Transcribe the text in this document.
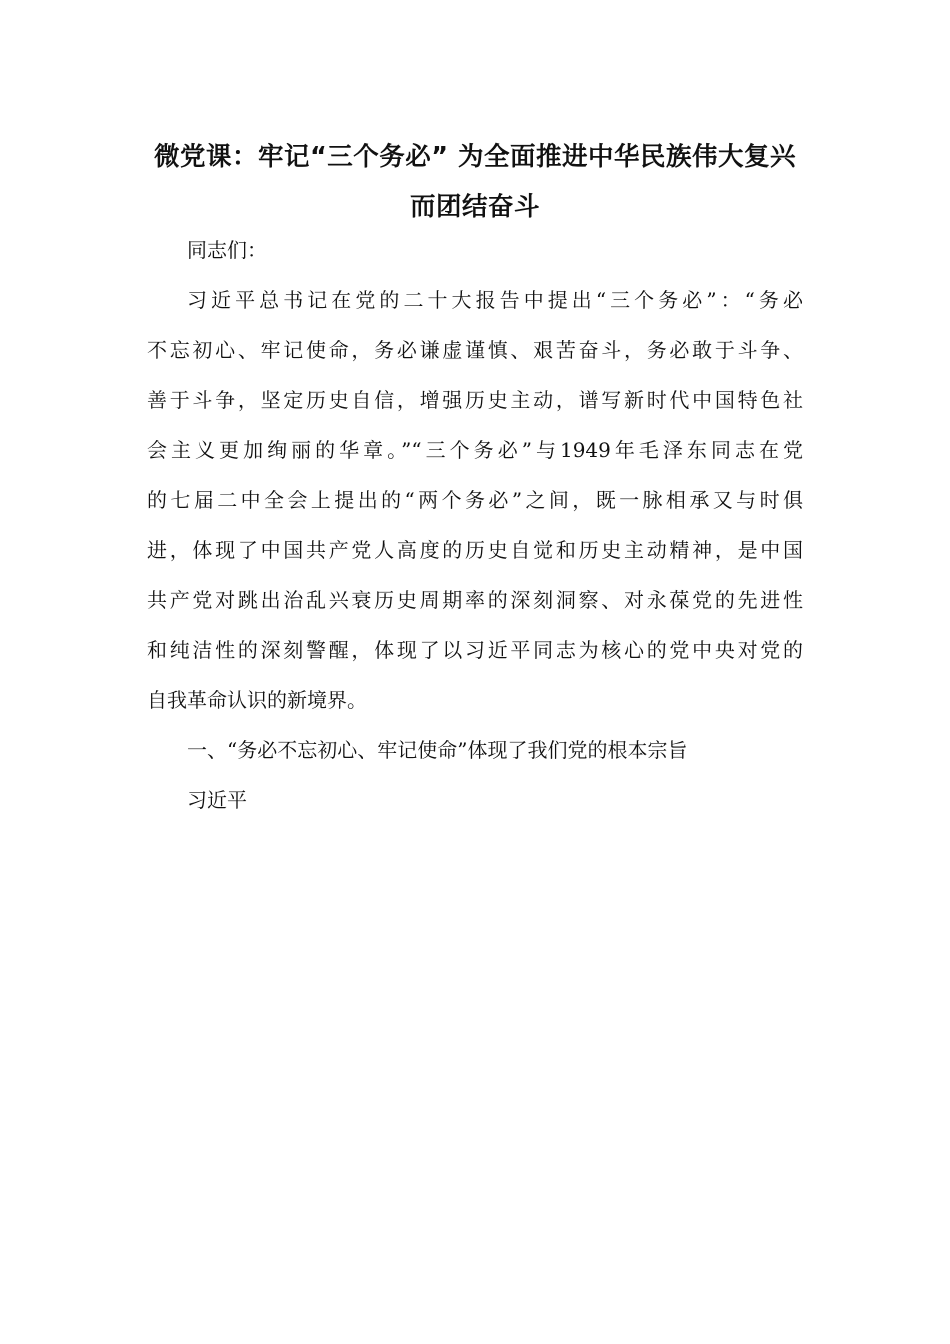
微党课：牢记“三个务必” 为全面推进中华民族伟大复兴
而团结奋斗

同志们：

习近平总书记在党的二十大报告中提出“三个务必”：“务必
不忘初心、牢记使命，务必谦虚谨慎、艰苦奋斗，务必敢于斗争、
善于斗争，坚定历史自信，增强历史主动，谱写新时代中国特色社
会主义更加绚丽的华章。”“三个务必”与1949年毛泽东同志在党
的七届二中全会上提出的“两个务必”之间，既一脉相承又与时俱
进，体现了中国共产党人高度的历史自觉和历史主动精神，是中国
共产党对跳出治乱兴衰历史周期率的深刻洞察、对永葆党的先进性
和纯洁性的深刻警醒，体现了以习近平同志为核心的党中央对党的
自我革命认识的新境界。

一、“务必不忘初心、牢记使命”体现了我们党的根本宗旨

习近平
